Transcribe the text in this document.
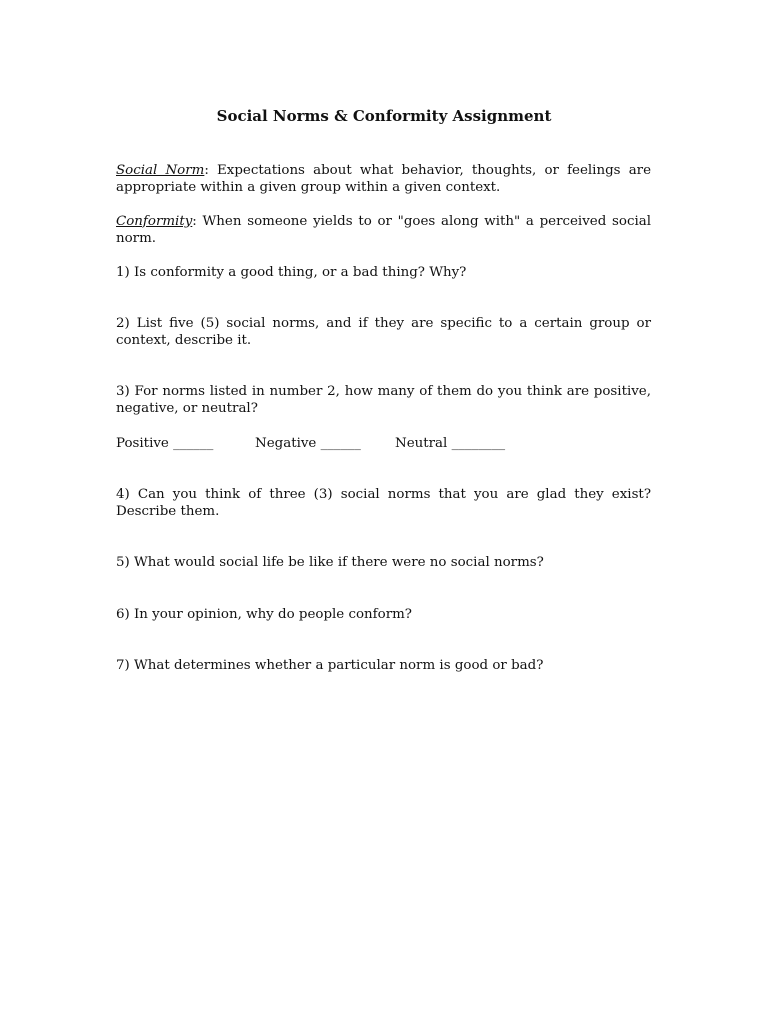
Social Norms & Conformity Assignment
Social Norm: Expectations about what behavior, thoughts, or feelings are appropriate within a given group within a given context.
Conformity: When someone yields to or "goes along with" a perceived social norm.
1) Is conformity a good thing, or a bad thing? Why?
2) List five (5) social norms, and if they are specific to a certain group or context, describe it.
3) For norms listed in number 2, how many of them do you think are positive, negative, or neutral?
Positive ______	Negative ______	Neutral ________
4) Can you think of three (3) social norms that you are glad they exist? Describe them.
5) What would social life be like if there were no social norms?
6) In your opinion, why do people conform?
7) What determines whether a particular norm is good or bad?
